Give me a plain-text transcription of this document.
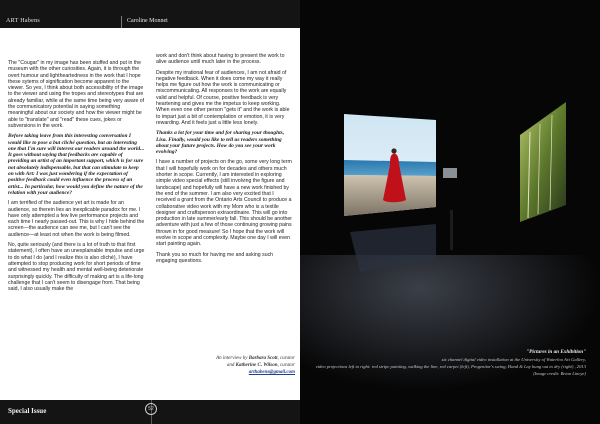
ART Habens	Caroline Monnet

The "Cougar" in my image has been stuffed and put in the museum with the other curiosities. Again, it is through the overt humour and lightheartedness in the work that I hope these sytems of signification become apparent to the viewer. So yes, I think about both accessibility of the image to the viewer and using the tropes and stereotypes that are already familiar, while at the same time being very aware of the communicatory potential in saying something meaningful about our society and how the viewer might be able to "translate" and "read" these cues, jokes or subversions in the work.

Before taking leave from this interesting conversation I would like to pose a but cliché question, but an interesting one that I'm sure will interest our readers around the world... It goes without saying that feedbacks are capable of providing an artist of an important support, which is for sure not absolutely indispensable, but that can stimulate to keep on with Art: I was just wondering if the expectation of positive feedback could even influence the process of an artist... In particular, how would you define the nature of the relation with your audience?

I am terrified of the audience yet art is made for an audience, so therein lies an inexplicable paradox for me. I have only attempted a few live performance projects and each time I nearly passed-out. This is why I hide behind the screen—the audience can see me, but I can't see the audience—at least not when the work is being filmed.

No, quite seriously (and there is a lot of truth to that first statement), I often have an unexplainable impulse and urge to do what I do (and I realize this is also cliché), I have attempted to stop producing work for short periods of time and witnessed my health and mental well-being deteriorate surprisingly quickly. The difficulty of making art is a life-long challenge that I can't seem to disengage from. That being said, I also usually make the

work and don't think about having to present the work to alive audience until much later in the process.

Despite my irrational fear of audiences, I am not afraid of negative feedback. When it does come my way it really helps me figure out how the work is communicating or miscommunicating. All responses to the work are equally valid and helpful. Of course, positive feedback is very heartening and gives me the impetus to keep working. When even one other person "gets it" and the work is able to impart just a bit of contemplation or emotion, it is very rewarding. And it feels just a little less lonely.

Thanks a lot for your time and for sharing your thoughts, Lisa. Finally, would you like to tell us readers something about your future projects. How do you see your work evolving?

I have a number of projects on the go, some very long term that I will hopefully work on for decades and others much shorter in scope. Currently, I am interested in exploring simple video special effects (still involving the figure and landscape) and hopefully will have a new work finished by the end of the summer. I am also very excited that I received a grant from the Ontario Arts Council to produce a collaborative video work with my Mom who is a textile designer and craftsperson extraordinaire. This will go into production in late summer/early fall. This should be another adventure with just a few of those continuing growing pains thrown in for good measure! So I hope that the work will evolve in scope and complexity. Maybe one day I will even start painting again.

Thank you so much for having me and asking such engaging questions.

An interview by Barbara Scott, curator
and Katherine C. Wilson, curator
arthabens@gmail.com
Special Issue	52
"Pictures in an Exhibition"
six channel digital video installation at the University of Waterloo Art Gallery,
video projections left to right: red stripe painting, walking the line, red carpet (left), Progenitor's swing, Hand & Lay hung out to dry (right) , 2013
(Image credit: Brian Lineye)
